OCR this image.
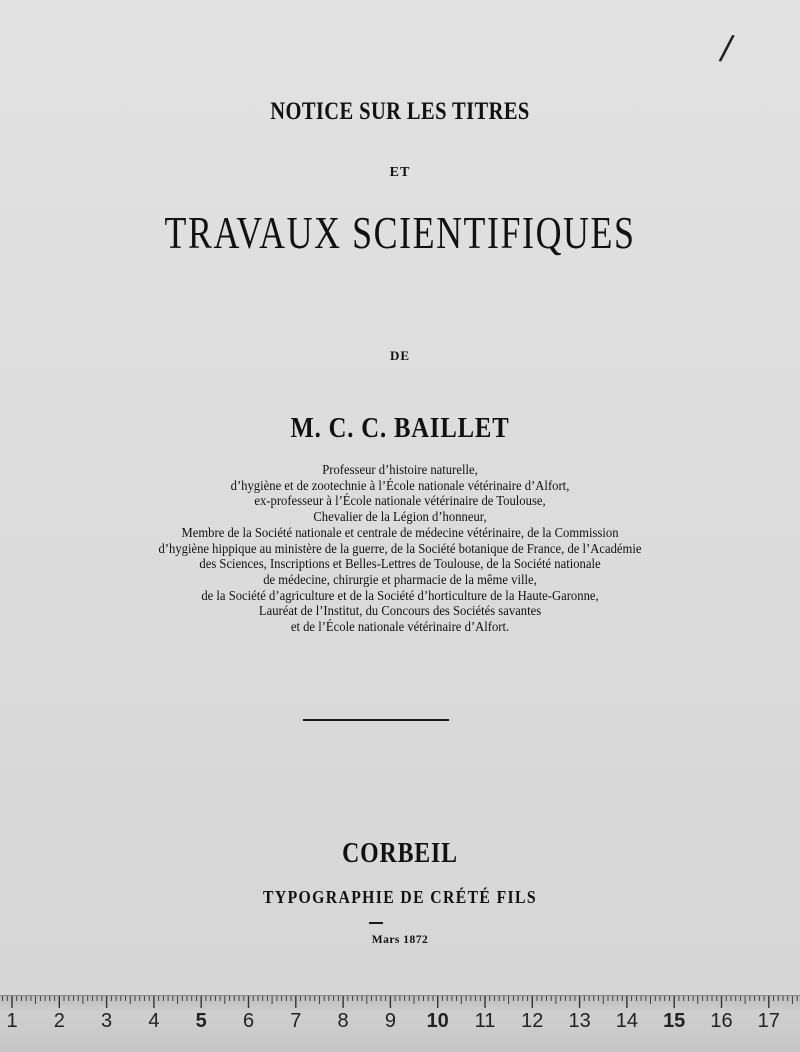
/
NOTICE SUR LES TITRES
ET
TRAVAUX SCIENTIFIQUES
DE
M. C. C. BAILLET
Professeur d’histoire naturelle,
d’hygiène et de zootechnie à l’École nationale vétérinaire d’Alfort,
ex-professeur à l’École nationale vétérinaire de Toulouse,
Chevalier de la Légion d’honneur,
Membre de la Société nationale et centrale de médecine vétérinaire, de la Commission
d’hygiène hippique au ministère de la guerre, de la Société botanique de France, de l’Académie
des Sciences, Inscriptions et Belles-Lettres de Toulouse, de la Société nationale
de médecine, chirurgie et pharmacie de la même ville,
de la Société d’agriculture et de la Société d’horticulture de la Haute-Garonne,
Lauréat de l’Institut, du Concours des Sociétés savantes
et de l’École nationale vétérinaire d’Alfort.
CORBEIL
TYPOGRAPHIE DE CRÉTÉ FILS
Mars 1872
1 2 3 4 5 6 7 8 9 10 11 12 13 14 15 16 17
